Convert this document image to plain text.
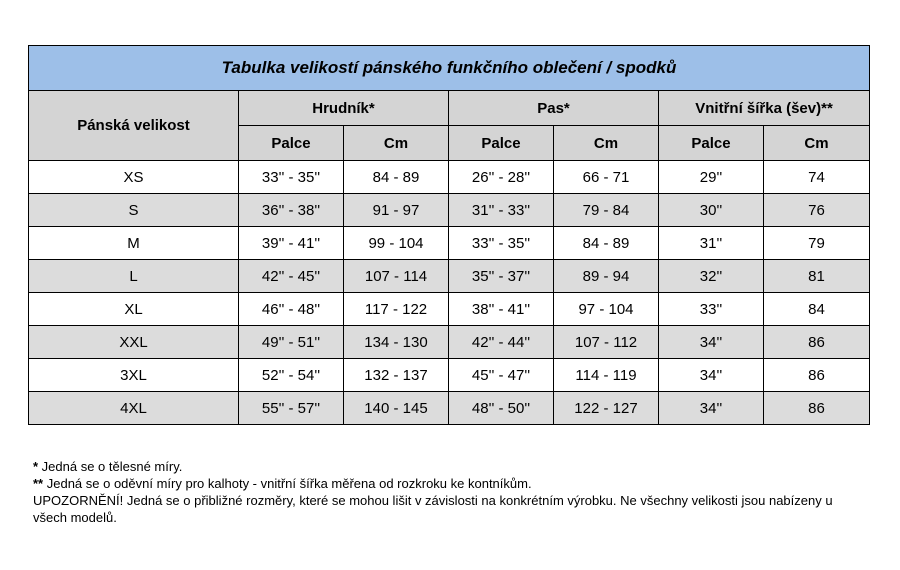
Tabulka velikostí pánského funkčního oblečení / spodků						
Pánská velikost	Hrudník*		Pas*		Vnitřní šířka (šev)**	
	Palce	Cm	Palce	Cm	Palce	Cm
XS	33'' - 35''	84 - 89	26'' - 28''	66 - 71	29''	74
S	36'' - 38''	91 - 97	31'' - 33''	79 - 84	30''	76
M	39'' - 41''	99 - 104	33'' - 35''	84 - 89	31''	79
L	42'' - 45''	107 - 114	35'' - 37''	89 - 94	32''	81
XL	46'' - 48''	117 - 122	38'' - 41''	97 - 104	33''	84
XXL	49'' - 51''	134 - 130	42'' - 44''	107 - 112	34''	86
3XL	52'' - 54''	132 - 137	45'' - 47''	114 - 119	34''	86
4XL	55'' - 57''	140 - 145	48'' - 50''	122 - 127	34''	86

* Jedná se o tělesné míry.

** Jedná se o oděvní míry pro kalhoty - vnitřní šířka měřena od rozkroku ke kontníkům.

UPOZORNĚNÍ! Jedná se o přibližné rozměry, které se mohou lišit v závislosti na konkrétním výrobku. Ne všechny velikosti jsou nabízeny u všech modelů.
